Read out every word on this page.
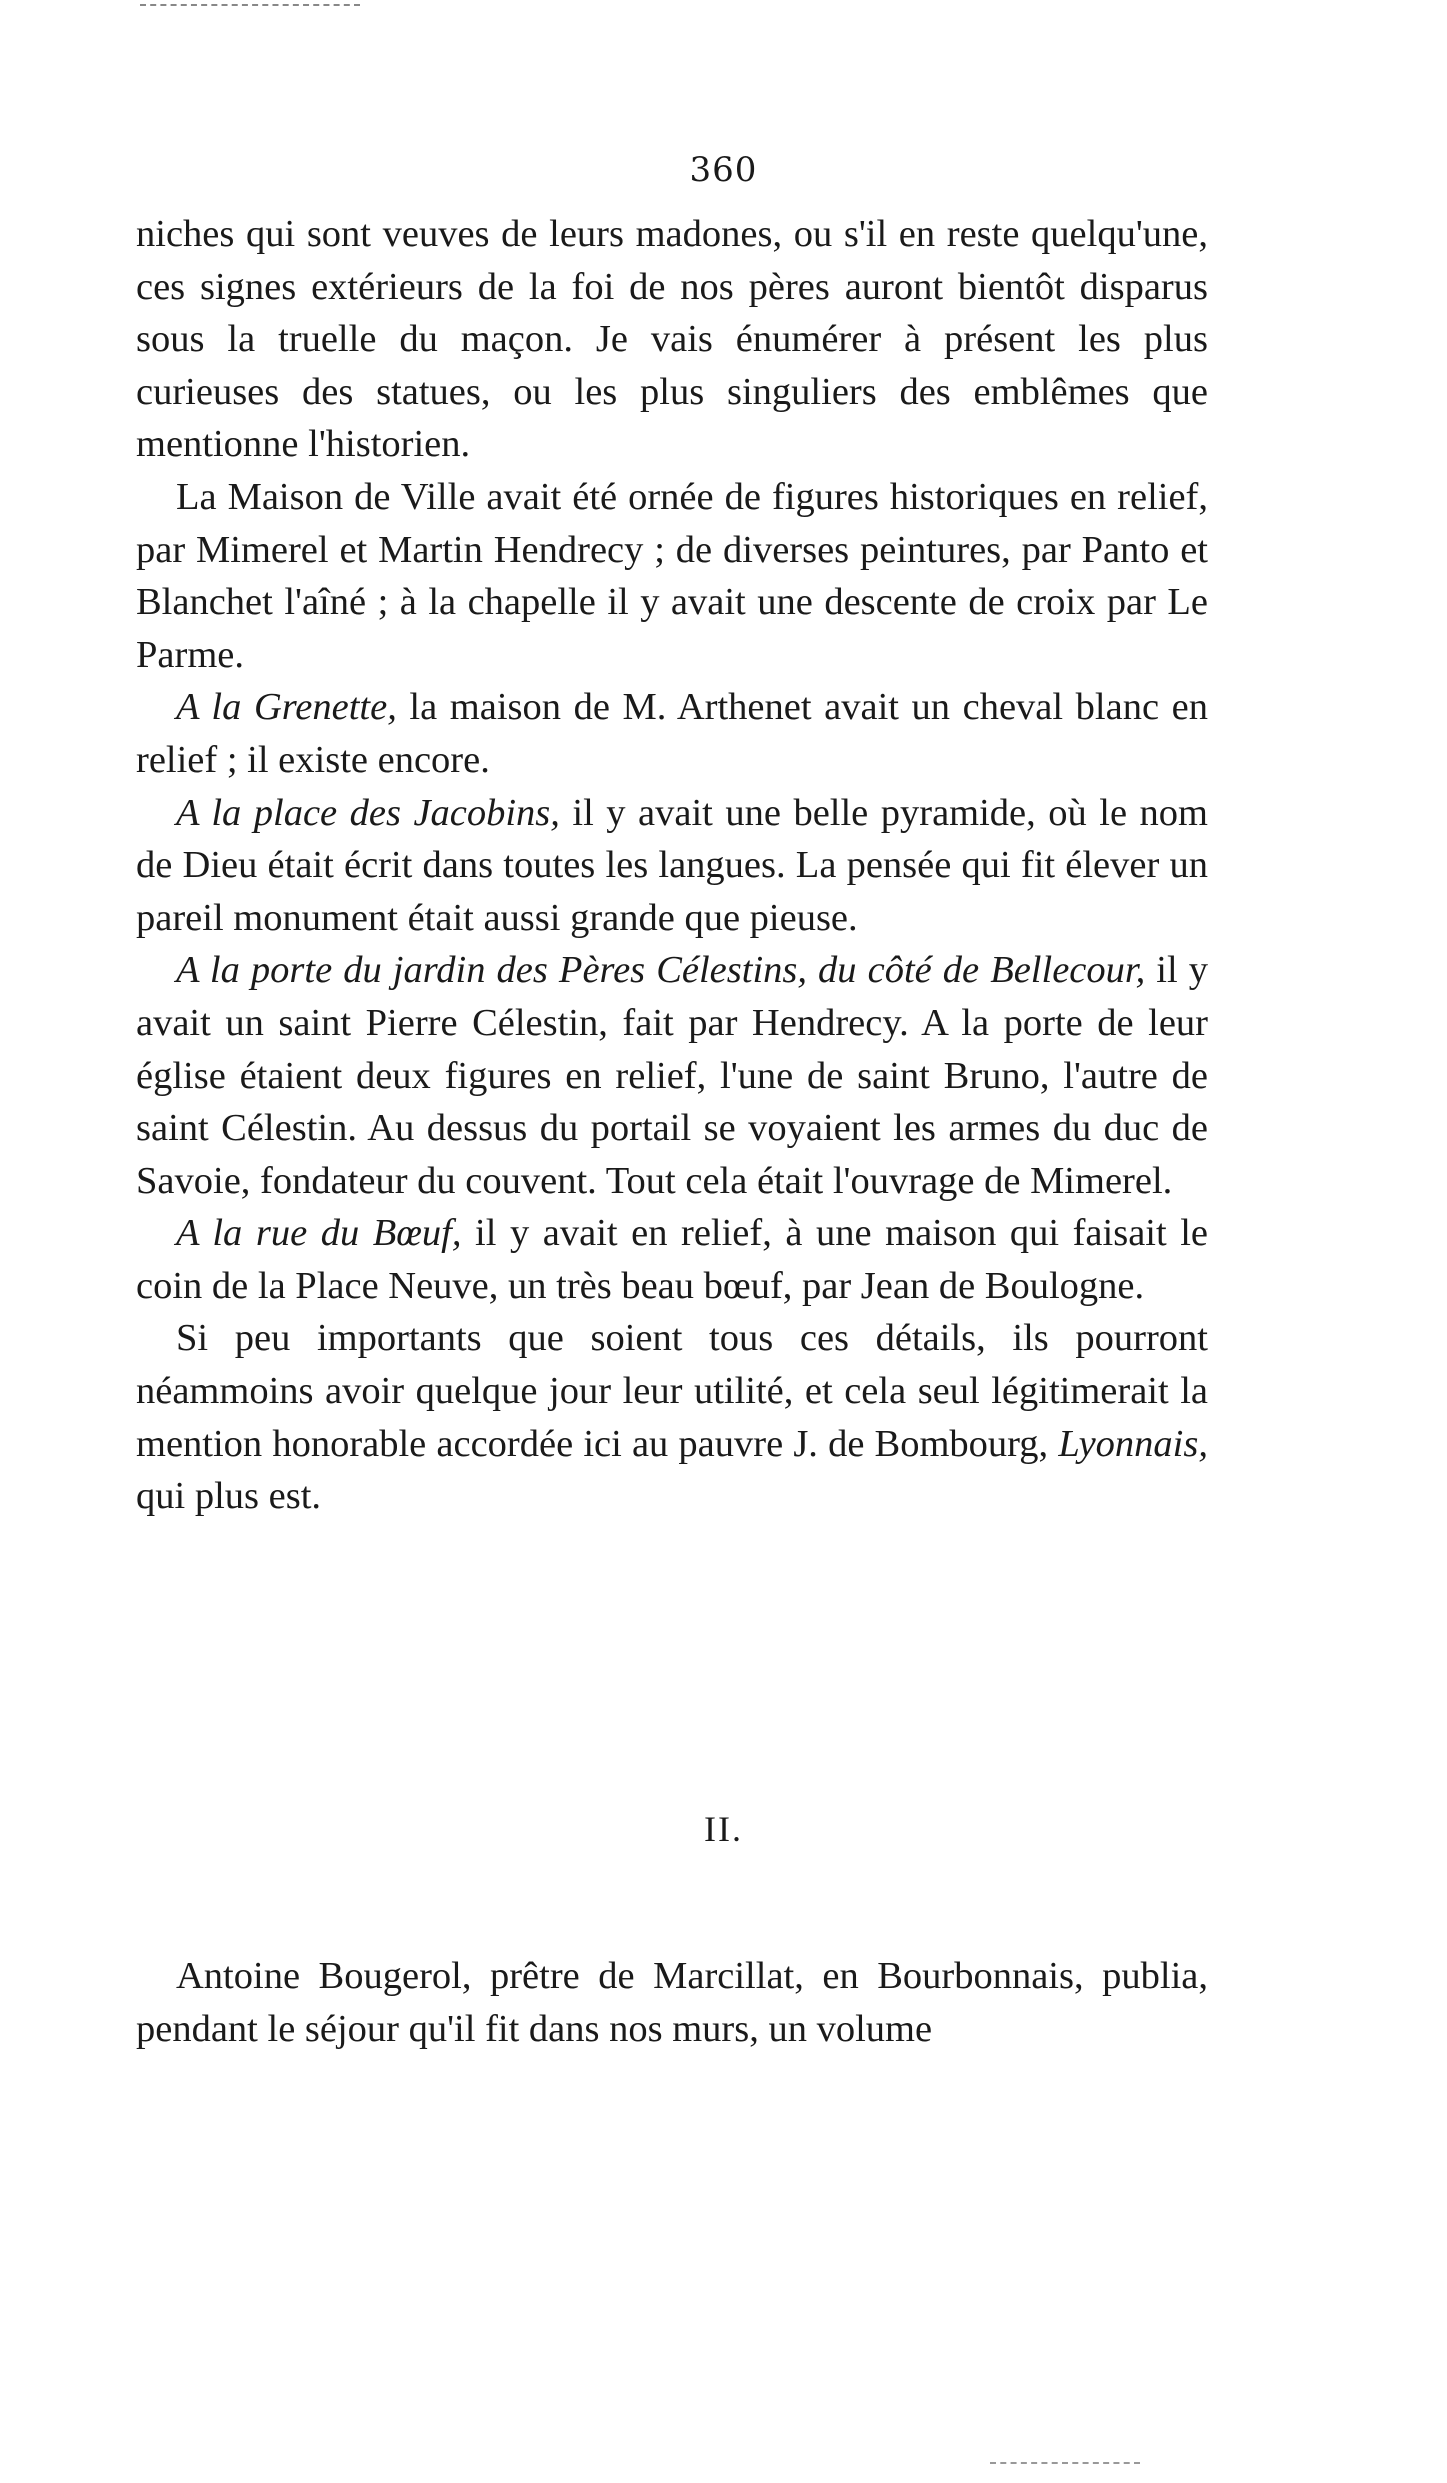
360

niches qui sont veuves de leurs madones, ou s'il en reste quelqu'une, ces signes extérieurs de la foi de nos pères auront bientôt disparus sous la truelle du maçon. Je vais énumérer à présent les plus curieuses des statues, ou les plus singuliers des emblêmes que mentionne l'historien.

La Maison de Ville avait été ornée de figures historiques en relief, par Mimerel et Martin Hendrecy ; de diverses peintures, par Panto et Blanchet l'aîné ; à la chapelle il y avait une descente de croix par Le Parme.

A la Grenette, la maison de M. Arthenet avait un cheval blanc en relief ; il existe encore.

A la place des Jacobins, il y avait une belle pyramide, où le nom de Dieu était écrit dans toutes les langues. La pensée qui fit élever un pareil monument était aussi grande que pieuse.

A la porte du jardin des Pères Célestins, du côté de Bellecour, il y avait un saint Pierre Célestin, fait par Hendrecy. A la porte de leur église étaient deux figures en relief, l'une de saint Bruno, l'autre de saint Célestin. Au dessus du portail se voyaient les armes du duc de Savoie, fondateur du couvent. Tout cela était l'ouvrage de Mimerel.

A la rue du Bœuf, il y avait en relief, à une maison qui faisait le coin de la Place Neuve, un très beau bœuf, par Jean de Boulogne.

Si peu importants que soient tous ces détails, ils pourront néammoins avoir quelque jour leur utilité, et cela seul légitimerait la mention honorable accordée ici au pauvre J. de Bombourg, Lyonnais, qui plus est.

II.

Antoine Bougerol, prêtre de Marcillat, en Bourbonnais, publia, pendant le séjour qu'il fit dans nos murs, un volume
